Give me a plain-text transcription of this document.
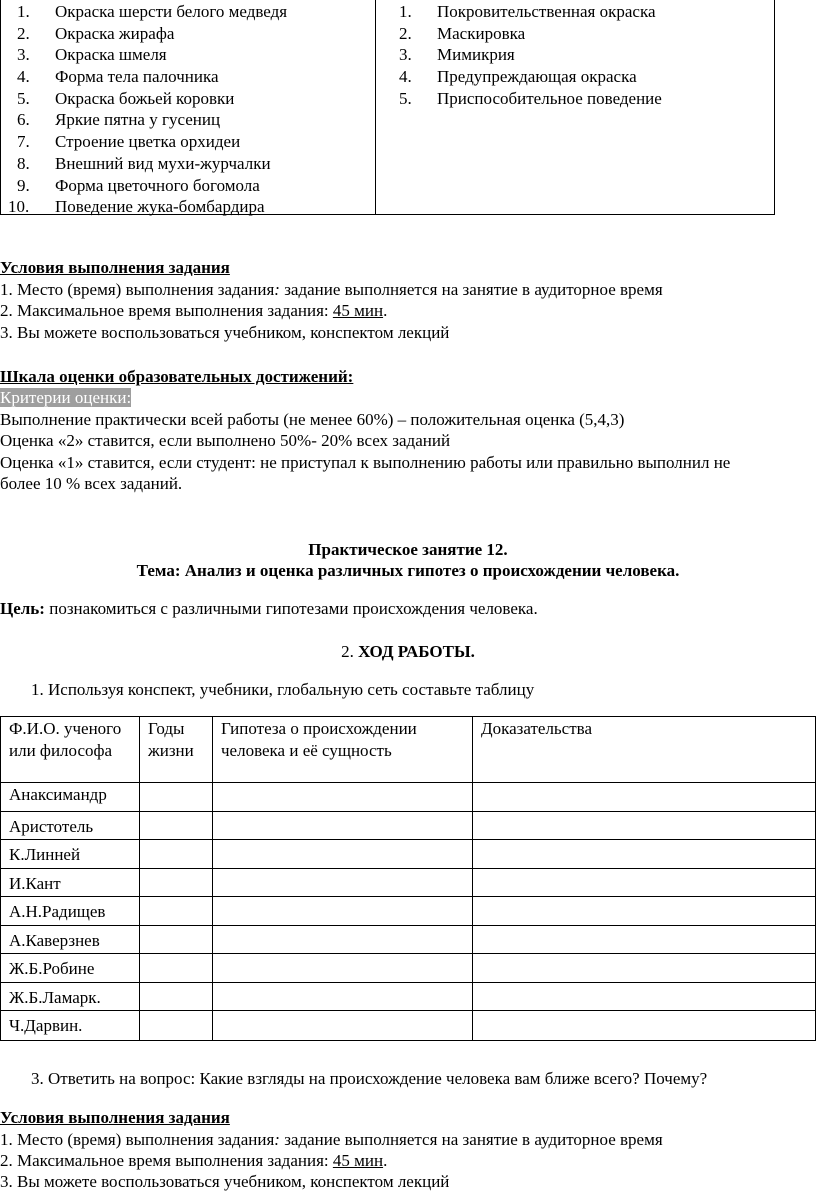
1. Окраска шерсти белого медведя
2. Окраска жирафа
3. Окраска шмеля
4. Форма тела палочника
5. Окраска божьей коровки
6. Яркие пятна у гусениц
7. Строение цветка орхидеи
8. Внешний вид мухи-журчалки
9. Форма цветочного богомола
10. Поведение жука-бомбардира
1. Покровительственная окраска
2. Маскировка
3. Мимикрия
4. Предупреждающая окраска
5. Приспособительное поведение
Условия выполнения задания
1. Место (время) выполнения задания: задание выполняется на занятие в аудиторное время
2. Максимальное время выполнения задания: 45 мин.
3. Вы можете воспользоваться учебником, конспектом лекций
Шкала оценки образовательных достижений:
Критерии оценки:
Выполнение практически всей работы (не менее 60%) – положительная оценка (5,4,3)
Оценка «2» ставится, если выполнено 50%- 20% всех заданий
Оценка «1» ставится, если студент: не приступал к выполнению работы или правильно выполнил не
более 10 % всех заданий.
Практическое занятие 12.
Тема: Анализ и оценка различных гипотез о происхождении человека.
Цель: познакомиться с различными гипотезами происхождения человека.
2. ХОД РАБОТЫ.
1. Используя конспект, учебники, глобальную сеть составьте таблицу
Ф.И.О. ученого или философа	Годы жизни	Гипотеза о происхождении человека и её сущность	Доказательства
Анаксимандр			
Аристотель			
К.Линней			
И.Кант			
А.Н.Радищев			
А.Каверзнев			
Ж.Б.Робине			
Ж.Б.Ламарк.			
Ч.Дарвин.			
3. Ответить на вопрос: Какие взгляды на происхождение человека вам ближе всего? Почему?
Условия выполнения задания
1. Место (время) выполнения задания: задание выполняется на занятие в аудиторное время
2. Максимальное время выполнения задания: 45 мин.
3. Вы можете воспользоваться учебником, конспектом лекций
